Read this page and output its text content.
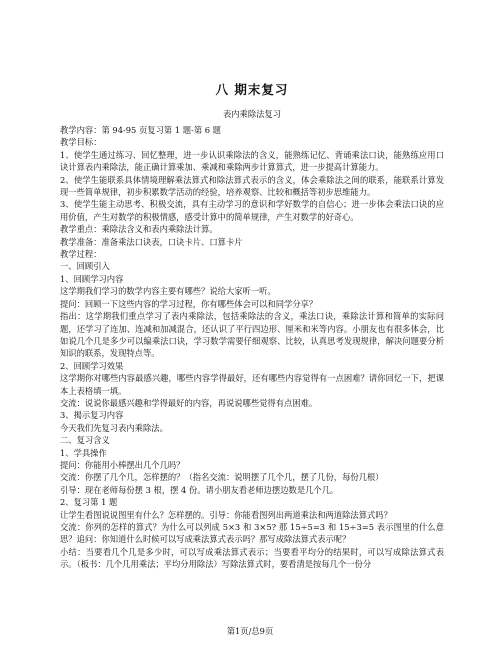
八 期末复习
表内乘除法复习

教学内容：第 94-95 页复习第 1 题-第 6 题

教学目标：

1、使学生通过练习、回忆整理，进一步认识乘除法的含义，能熟练记忆、背诵乘法口诀，能熟练应用口诀计算表内乘除法，能正确计算乘加、乘减和乘除两步计算算式，进一步提高计算能力。

2、使学生能联系具体情境理解乘法算式和除法算式表示的含义，体会乘除法之间的联系，能联系计算发现一些简单规律，初步积累数学活动的经验，培养观察、比较和概括等初步思维能力。

3、使学生能主动思考、积极交流，具有主动学习的意识和学好数学的自信心；进一步体会乘法口诀的应用价值，产生对数学的积极情感，感受计算中的简单规律，产生对数学的好奇心。

教学重点：乘除法含义和表内乘除法计算。

教学准备：准备乘法口诀表，口诀卡片、口算卡片

教学过程：

一、回顾引入

1、回顾学习内容

这学期我们学习的数学内容主要有哪些？说给大家听一听。

提问：回顾一下这些内容的学习过程，你有哪些体会可以和同学分享？

指出：这学期我们重点学习了表内乘除法，包括乘除法的含义，乘法口诀，乘除法计算和简单的实际问题，还学习了连加、连减和加减混合，还认识了平行四边形、厘米和米等内容。小朋友也有很多体会，比如说几个几是多少可以编乘法口诀，学习数学需要仔细观察、比较，认真思考发现规律，解决问题要分析知识的联系，发现特点等。

2、回顾学习效果

这学期你对哪些内容最感兴趣，哪些内容学得最好，还有哪些内容觉得有一点困难？请你回忆一下，把课本上表格填一填。

交流：说说你最感兴趣和学得最好的内容，再说说哪些觉得有点困难。

3、揭示复习内容

今天我们先复习表内乘除法。

二、复习含义

1、学具操作

提问：你能用小棒摆出几个几吗？

交流：你摆了几个几，怎样摆的？（指名交流：说明摆了几个几，摆了几份，每份几根）

引导：现在老师每份摆 3 根，摆 4 份。请小朋友看老师边摆边数是几个几。

2、复习第 1 题

让学生看图说说图里有什么？怎样摆的。引导：你能看图列出两道乘法和两道除法算式吗？

交流：你列的怎样的算式？为什么可以列成 5×3 和 3×5? 那 15÷5=3 和 15÷3=5 表示图里的什么意思？追问：你知道什么时候可以写成乘法算式表示吗？那写成除法算式表示呢？

小结：当要看几个几是多少时，可以写成乘法算式表示；当要看平均分的结果时，可以写成除法算式表示。（板书：几个几用乘法；平均分用除法）写除法算式时，要看清是按每几个一份分

第1页/总9页
